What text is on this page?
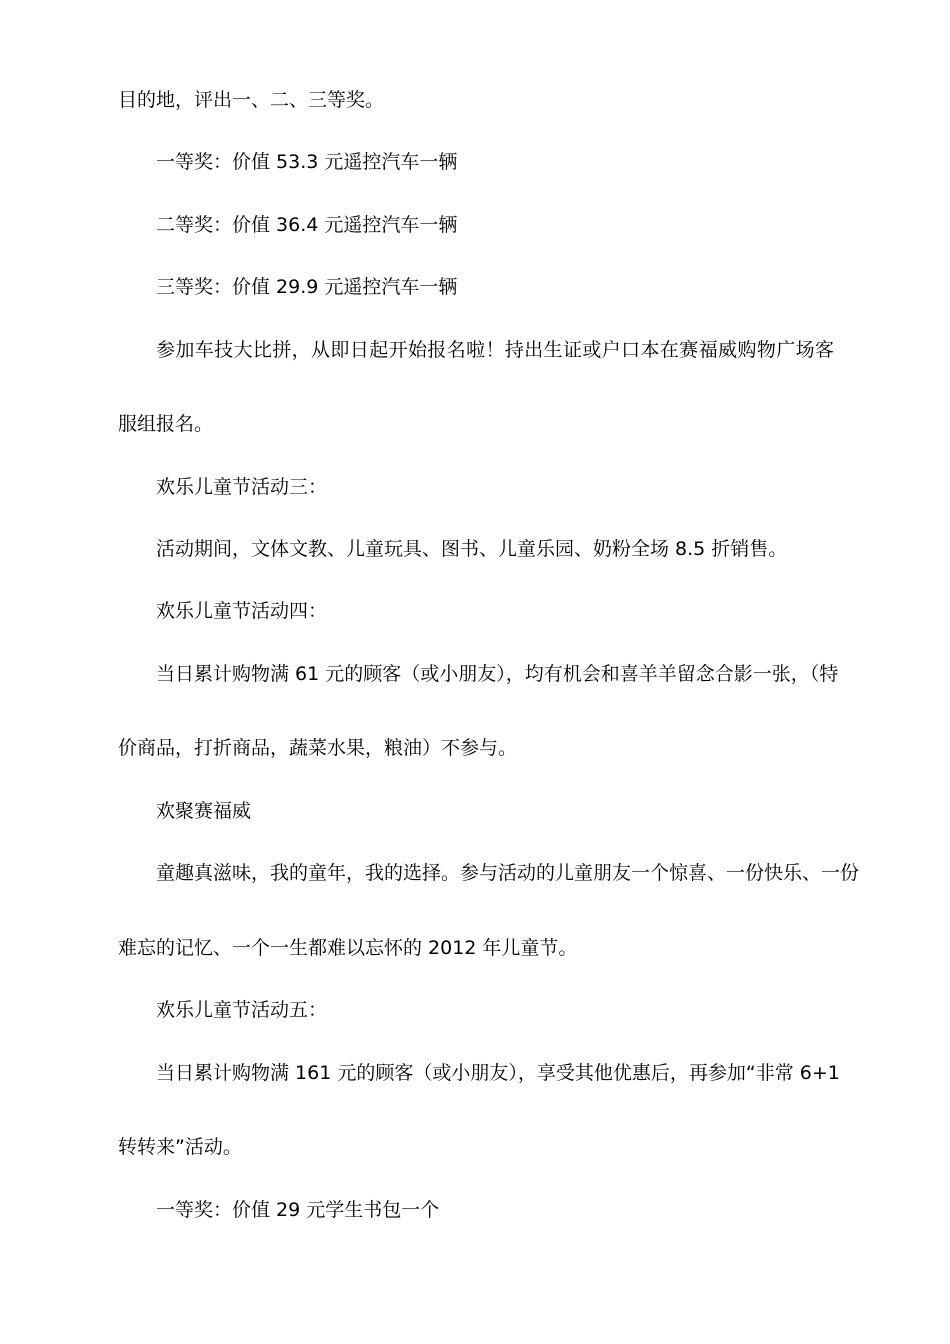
目的地，评出一、二、三等奖。
一等奖：价值 53.3 元遥控汽车一辆
二等奖：价值 36.4 元遥控汽车一辆
三等奖：价值 29.9 元遥控汽车一辆
参加车技大比拼，从即日起开始报名啦！持出生证或户口本在赛福威购物广场客
服组报名。
欢乐儿童节活动三：
活动期间，文体文教、儿童玩具、图书、儿童乐园、奶粉全场 8.5 折销售。
欢乐儿童节活动四：
当日累计购物满 61 元的顾客（或小朋友），均有机会和喜羊羊留念合影一张，（特
价商品，打折商品，蔬菜水果，粮油）不参与。
欢聚赛福威
童趣真滋味，我的童年，我的选择。参与活动的儿童朋友一个惊喜、一份快乐、一份
难忘的记忆、一个一生都难以忘怀的 2012 年儿童节。
欢乐儿童节活动五：
当日累计购物满 161 元的顾客（或小朋友），享受其他优惠后，再参加“非常 6+1
转转来”活动。
一等奖：价值 29 元学生书包一个
